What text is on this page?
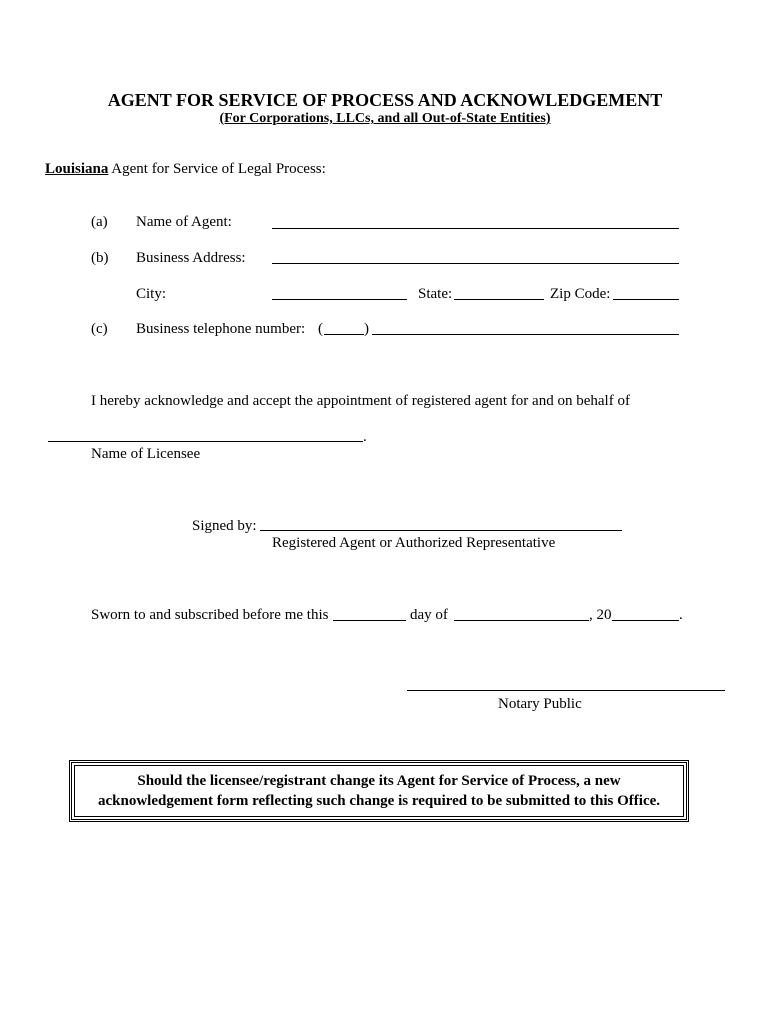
AGENT FOR SERVICE OF PROCESS AND ACKNOWLEDGEMENT
(For Corporations, LLCs, and all Out-of-State Entities)
Louisiana Agent for Service of Legal Process:
(a) Name of Agent:
(b) Business Address:
City:	State:	Zip Code:
(c) Business telephone number: (	)
I hereby acknowledge and accept the appointment of registered agent for and on behalf of
.
Name of Licensee
Signed by:
Registered Agent or Authorized Representative
Sworn to and subscribed before me this	day of	, 20	.
Notary Public
Should the licensee/registrant change its Agent for Service of Process, a new
acknowledgement form reflecting such change is required to be submitted to this Office.
